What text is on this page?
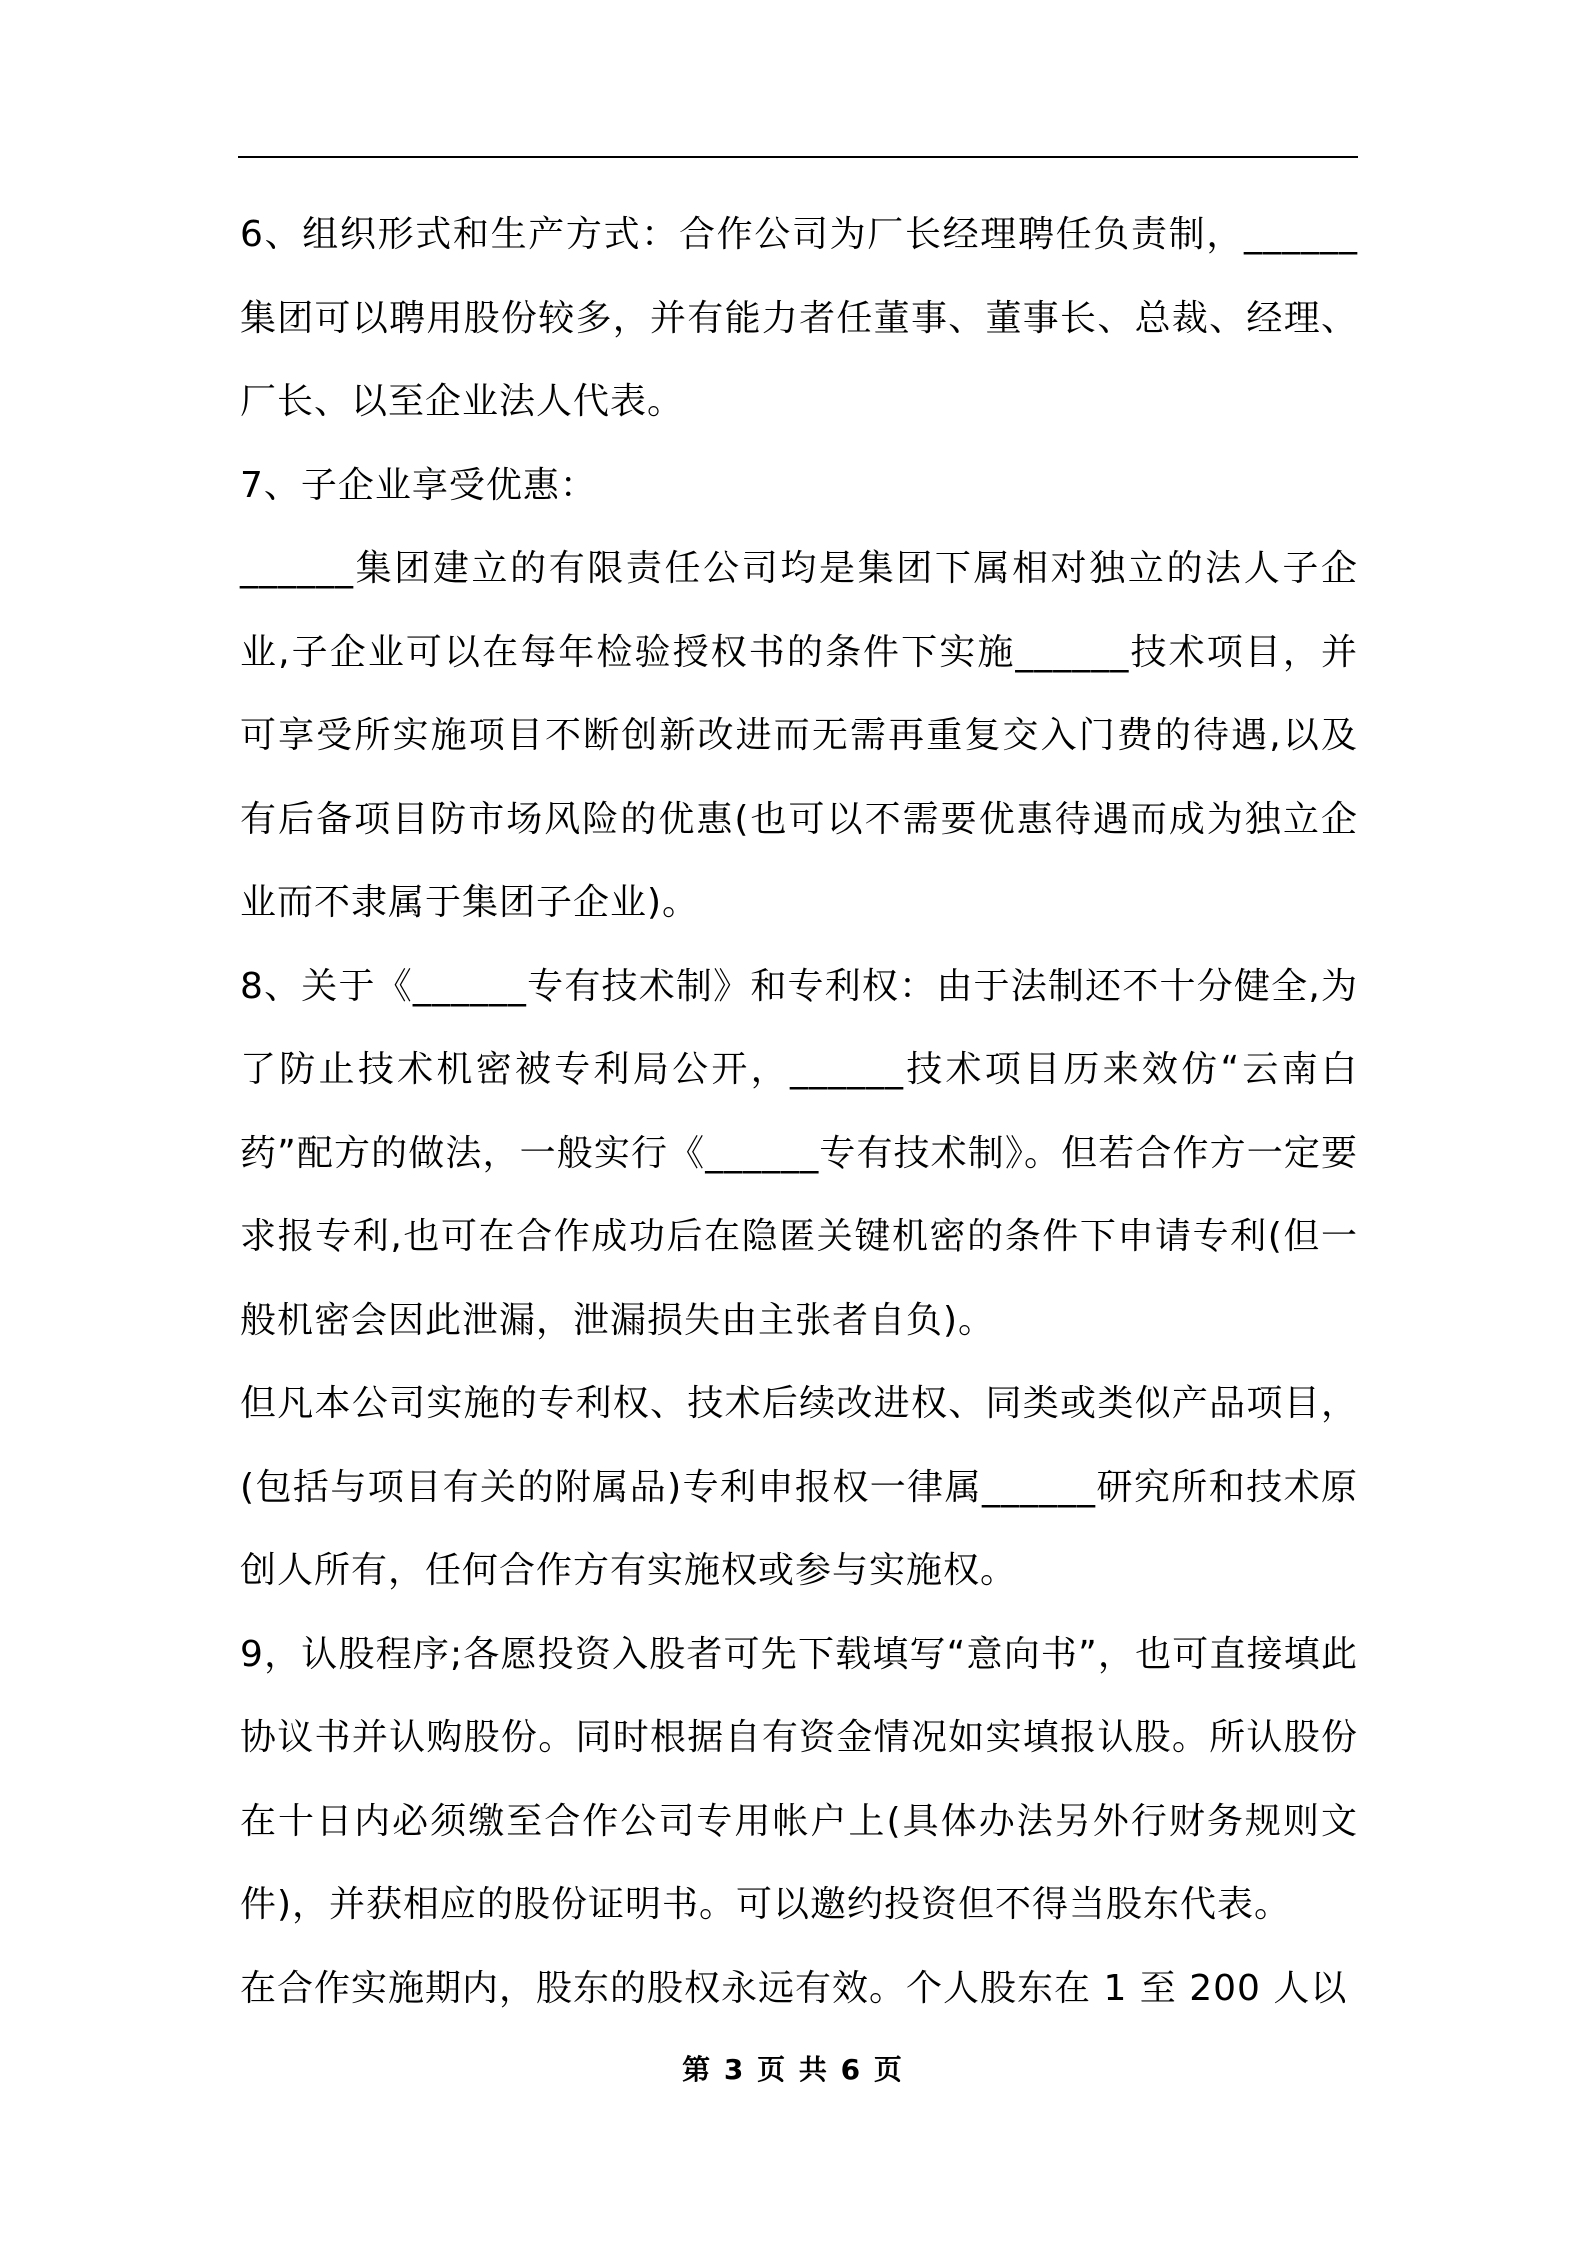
6、组织形式和生产方式：合作公司为厂长经理聘任负责制，______集团可以聘用股份较多，并有能力者任董事、董事长、总裁、经理、厂长、以至企业法人代表。

7、子企业享受优惠：

______集团建立的有限责任公司均是集团下属相对独立的法人子企业,子企业可以在每年检验授权书的条件下实施______技术项目，并可享受所实施项目不断创新改进而无需再重复交入门费的待遇,以及有后备项目防市场风险的优惠(也可以不需要优惠待遇而成为独立企业而不隶属于集团子企业)。

8、关于《______专有技术制》和专利权：由于法制还不十分健全,为了防止技术机密被专利局公开，______技术项目历来效仿“云南白药”配方的做法，一般实行《______专有技术制》。但若合作方一定要求报专利,也可在合作成功后在隐匿关键机密的条件下申请专利(但一般机密会因此泄漏，泄漏损失由主张者自负)。

但凡本公司实施的专利权、技术后续改进权、同类或类似产品项目，(包括与项目有关的附属品)专利申报权一律属______研究所和技术原创人所有，任何合作方有实施权或参与实施权。

9，认股程序;各愿投资入股者可先下载填写“意向书”，也可直接填此协议书并认购股份。同时根据自有资金情况如实填报认股。所认股份在十日内必须缴至合作公司专用帐户上(具体办法另外行财务规则文件)，并获相应的股份证明书。可以邀约投资但不得当股东代表。

在合作实施期内，股东的股权永远有效。个人股东在 1 至 200 人以

第 3 页 共 6 页
